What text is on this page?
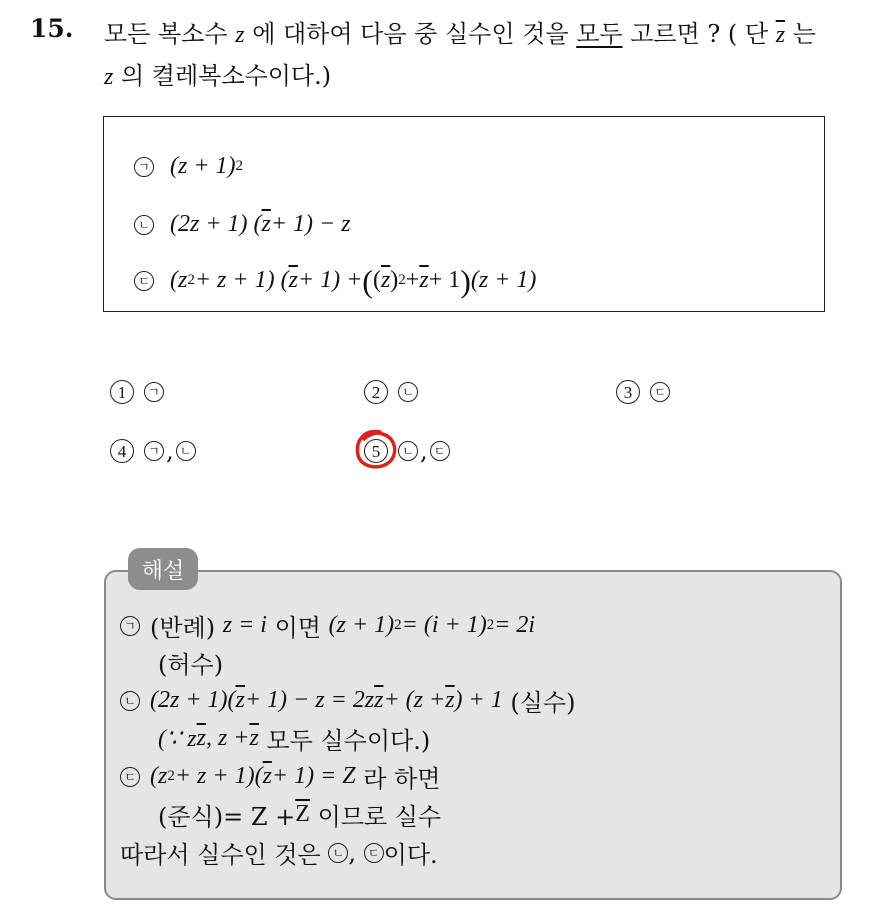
15. 모든 복소수 z 에 대하여 다음 중 실수인 것을 모두 고르면 ? ( 단 $\overline{z}$ 는
z 의 켤레복소수이다.)
ㄱ (z + 1) 2
ㄴ (2z + 1) ( $\overline{z} + 1) - z$
ㄷ (z 2 + z + 1) ( $\overline{z} + 1$) + ( ( $\overline{z}$ ) $2 + \overline{z} + 1$ ) (z + 1)
1	ㄱ	2	ㄴ	3	ㄷ
4	ㄱ , ㄴ	5	ㄴ , ㄷ
해설
ㄱ (반례)
z = i
이면
(z + 1) 2 = (i + 1) 2 = 2i
(허수)
ㄴ (2z + 1)( $\overline{z} + 1) - z = 2z$ $\overline{z} + (z + \overline{z}$ ) + 1
(실수)
(∵ z $\overline{z}$ , $z + \overline{z}$
모두 실수이다.)
ㄷ (z 2 + z + 1)( $\overline{z} + 1) = Z$
라 하면
(준식)= $Z + \overline{Z}$
이므로 실수
따라서 실수인 것은
ㄴ ,
ㄷ 이다.
